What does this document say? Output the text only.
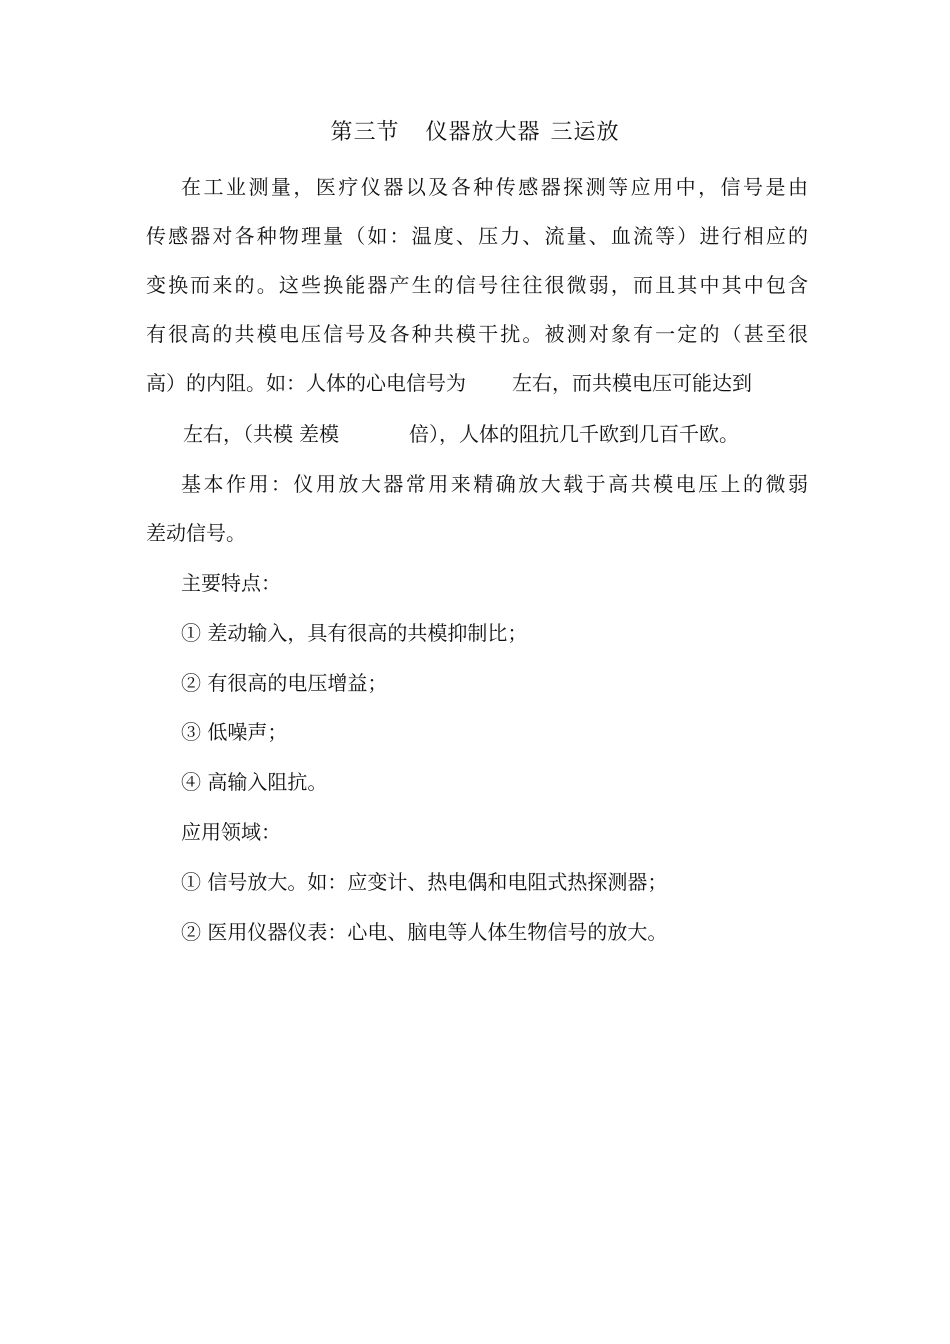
第三节 仪器放大器 三运放
在工业测量，医疗仪器以及各种传感器探测等应用中，信号是由
传感器对各种物理量（如：温度、压力、流量、血流等）进行相应的
变换而来的。这些换能器产生的信号往往很微弱，而且其中其中包含
有很高的共模电压信号及各种共模干扰。被测对象有一定的（甚至很
高）的内阻。如：人体的心电信号为 左右，而共模电压可能达到
左右，（共模 差模	倍），人体的阻抗几千欧到几百千欧。
基本作用：仪用放大器常用来精确放大载于高共模电压上的微弱
差动信号。
主要特点：
① 差动输入，具有很高的共模抑制比；
② 有很高的电压增益；
③ 低噪声；
④ 高输入阻抗。
应用领域：
① 信号放大。如：应变计、热电偶和电阻式热探测器；
② 医用仪器仪表：心电、脑电等人体生物信号的放大。
